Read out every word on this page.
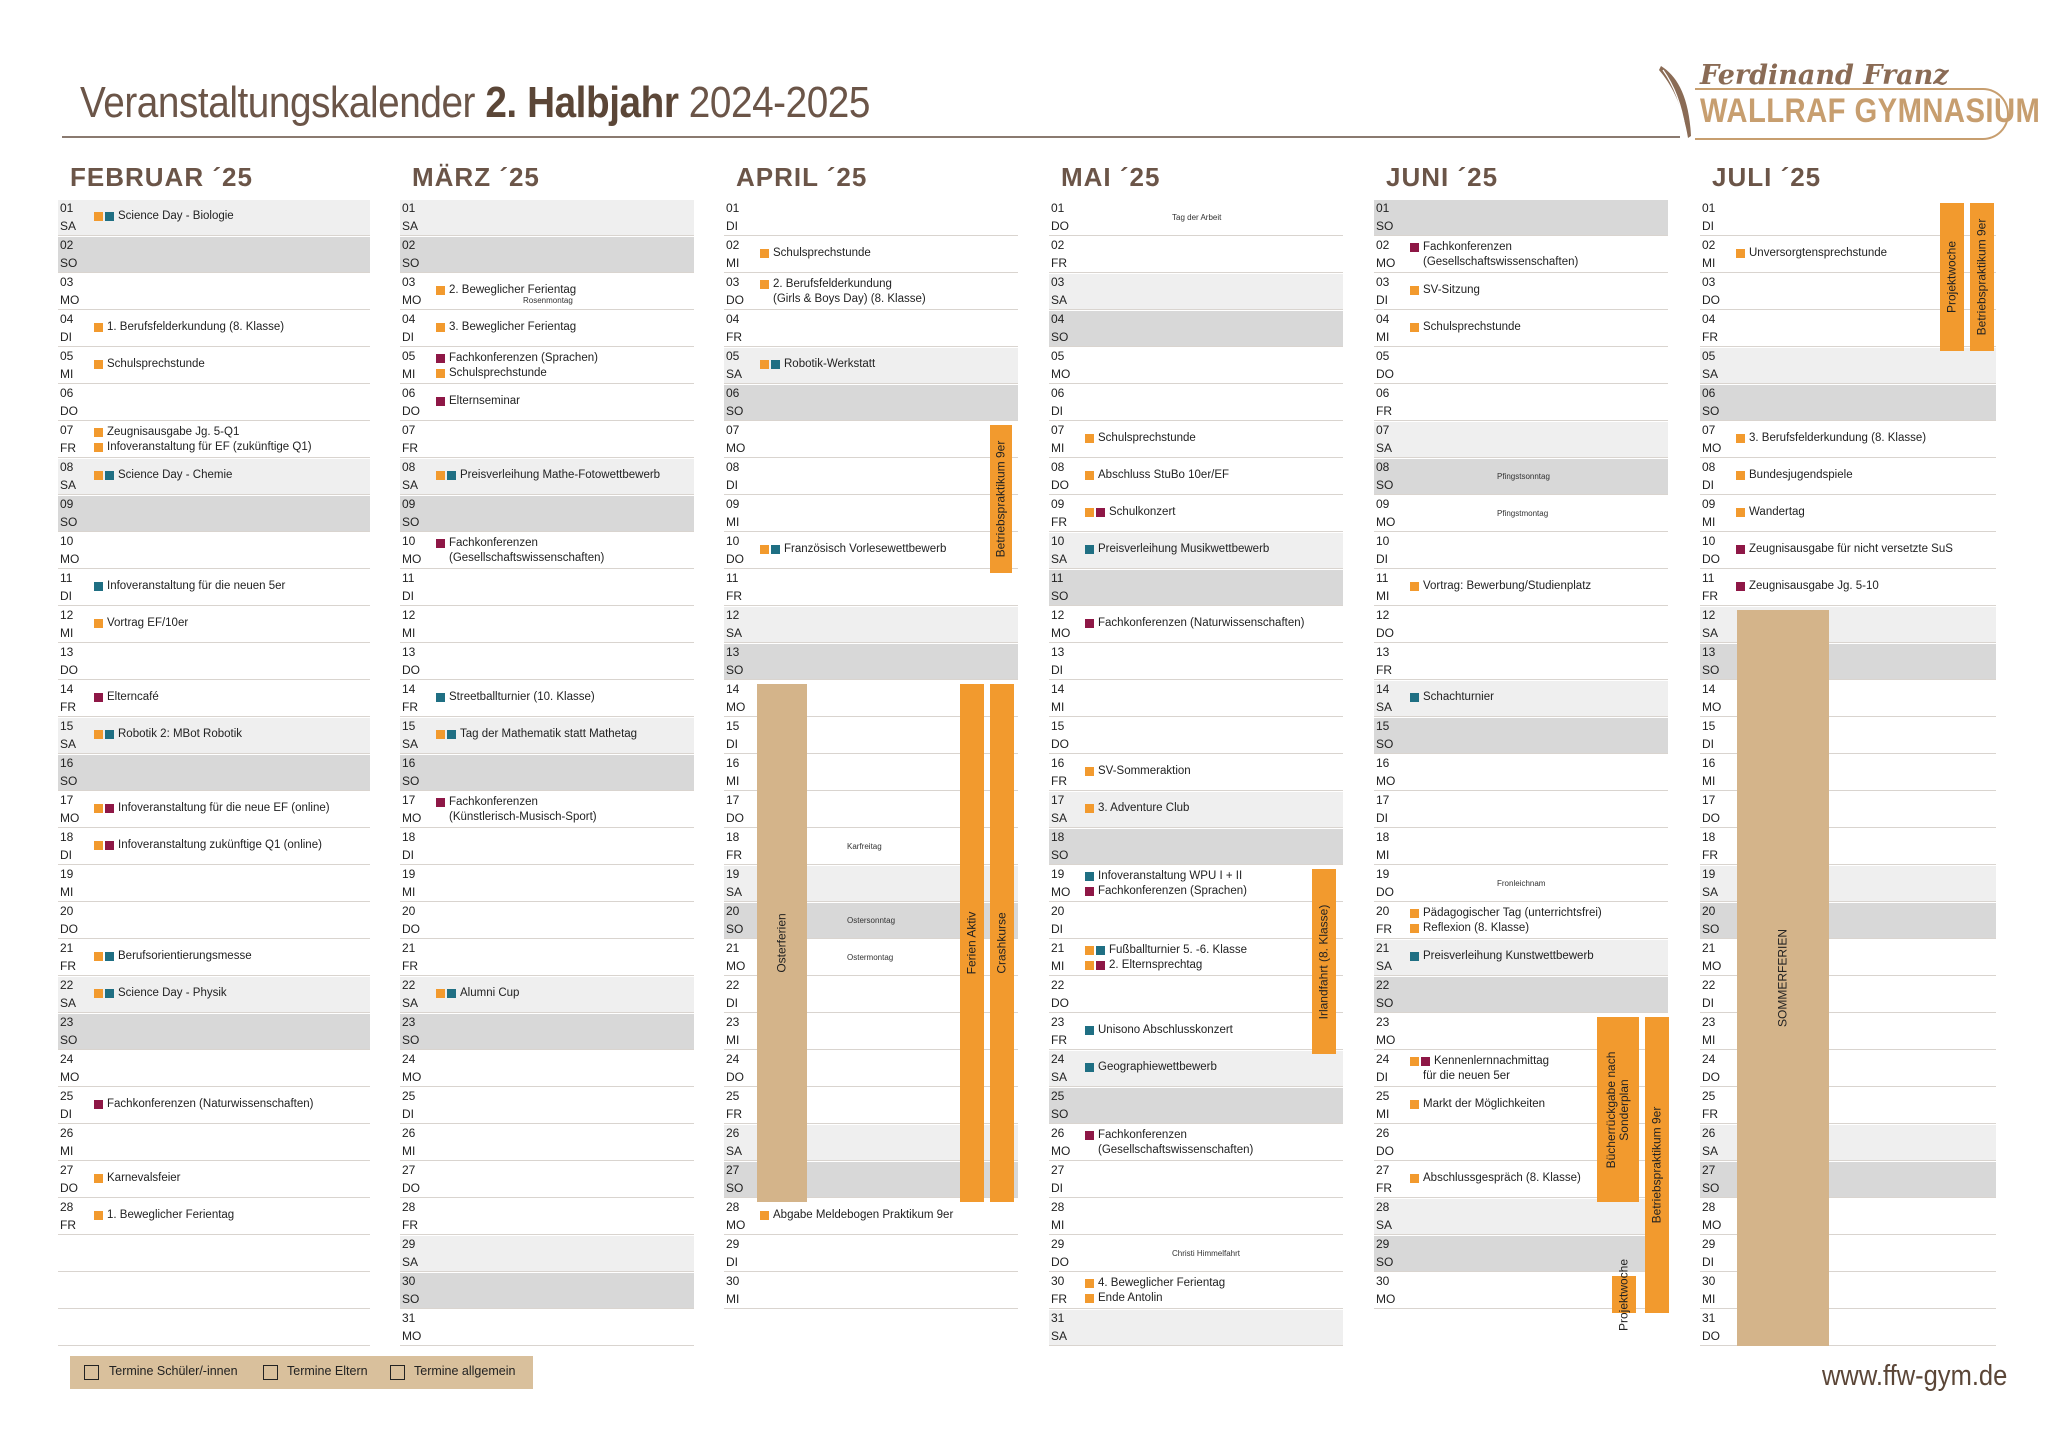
Veranstaltungskalender 2. Halbjahr 2024-2025
Ferdinand Franz
WALLRAF GYMNASIUM
FEBRUAR ´25
01
SA
Science Day - Biologie
02
SO
03
MO
04
DI
1. Berufsfelderkundung (8. Klasse)
05
MI
Schulsprechstunde
06
DO
07
FR
Zeugnisausgabe Jg. 5-Q1
Infoveranstaltung für EF (zukünftige Q1)
08
SA
Science Day - Chemie
09
SO
10
MO
11
DI
Infoveranstaltung für die neuen 5er
12
MI
Vortrag EF/10er
13
DO
14
FR
Elterncafé
15
SA
Robotik 2: MBot Robotik
16
SO
17
MO
Infoveranstaltung für die neue EF (online)
18
DI
Infoveranstaltung zukünftige Q1 (online)
19
MI
20
DO
21
FR
Berufsorientierungsmesse
22
SA
Science Day - Physik
23
SO
24
MO
25
DI
Fachkonferenzen (Naturwissenschaften)
26
MI
27
DO
Karnevalsfeier
28
FR
1. Beweglicher Ferientag
MÄRZ ´25
01
SA
02
SO
03
MO	Rosenmontag
2. Beweglicher Ferientag
04
DI
3. Beweglicher Ferientag
05
MI
Fachkonferenzen (Sprachen)
Schulsprechstunde
06
DO
Elternseminar
07
FR
08
SA
Preisverleihung Mathe-Fotowettbewerb
09
SO
10
MO
Fachkonferenzen
(Gesellschaftswissenschaften)
11
DI
12
MI
13
DO
14
FR
Streetballturnier (10. Klasse)
15
SA
Tag der Mathematik statt Mathetag
16
SO
17
MO
Fachkonferenzen
(Künstlerisch-Musisch-Sport)
18
DI
19
MI
20
DO
21
FR
22
SA
Alumni Cup
23
SO
24
MO
25
DI
26
MI
27
DO
28
FR
29
SA
30
SO
31
MO
APRIL ´25
01
DI
02
MI
Schulsprechstunde
03
DO
2. Berufsfelderkundung
(Girls & Boys Day) (8. Klasse)
04
FR
05
SA
Robotik-Werkstatt
06
SO
07
MO
08
DI
09
MI
10
DO
Französisch Vorlesewettbewerb
11
FR
12
SA
13
SO
14
MO
15
DI
16
MI
17
DO
18
FR
Karfreitag
19
SA
20
SO
Ostersonntag
21
MO
Ostermontag
22
DI
23
MI
24
DO
25
FR
26
SA
27
SO
28
MO
Abgabe Meldebogen Praktikum 9er
29
DI
30
MI
MAI ´25
01
DO
Tag der Arbeit
02
FR
03
SA
04
SO
05
MO
06
DI
07
MI
Schulsprechstunde
08
DO
Abschluss StuBo 10er/EF
09
FR
Schulkonzert
10
SA
Preisverleihung Musikwettbewerb
11
SO
12
MO
Fachkonferenzen (Naturwissenschaften)
13
DI
14
MI
15
DO
16
FR
SV-Sommeraktion
17
SA
3. Adventure Club
18
SO
19
MO
Infoveranstaltung WPU I + II
Fachkonferenzen (Sprachen)
20
DI
21
MI
Fußballturnier 5. -6. Klasse
2. Elternsprechtag
22
DO
23
FR
Unisono Abschlusskonzert
24
SA
Geographiewettbewerb
25
SO
26
MO
Fachkonferenzen
(Gesellschaftswissenschaften)
27
DI
28
MI
29
DO
Christi Himmelfahrt
30
FR
4. Beweglicher Ferientag
Ende Antolin
31
SA
JUNI ´25
01
SO
02
MO
Fachkonferenzen
(Gesellschaftswissenschaften)
03
DI
SV-Sitzung
04
MI
Schulsprechstunde
05
DO
06
FR
07
SA
08
SO
Pfingstsonntag
09
MO
Pfingstmontag
10
DI
11
MI
Vortrag: Bewerbung/Studienplatz
12
DO
13
FR
14
SA
Schachturnier
15
SO
16
MO
17
DI
18
MI
19
DO
Fronleichnam
20
FR
Pädagogischer Tag (unterrichtsfrei)
Reflexion (8. Klasse)
21
SA
Preisverleihung Kunstwettbewerb
22
SO
23
MO
24
DI
Kennenlernnachmittag
für die neuen 5er
25
MI
Markt der Möglichkeiten
26
DO
27
FR
Abschlussgespräch (8. Klasse)
28
SA
29
SO
30
MO
JULI ´25
01
DI
02
MI
Unversorgtensprechstunde
03
DO
04
FR
05
SA
06
SO
07
MO
3. Berufsfelderkundung (8. Klasse)
08
DI
Bundesjugendspiele
09
MI
Wandertag
10
DO
Zeugnisausgabe für nicht versetzte SuS
11
FR
Zeugnisausgabe Jg. 5-10
12
SA
13
SO
14
MO
15
DI
16
MI
17
DO
18
FR
19
SA
20
SO
21
MO
22
DI
23
MI
24
DO
25
FR
26
SA
27
SO
28
MO
29
DI
30
MI
31
DO
Osterferien
Betriebspraktikum 9er
Ferien Aktiv Crashkurse	Irlandfahrt (8. Klasse)
Bücherrückgabe nach Sonderplan Betriebspraktikum 9er
Projektwoche
Projektwoche Betriebspraktikum 9er
SOMMERFERIEN
Termine Schüler/-innen	Termine Eltern	Termine allgemein	www.ffw-gym.de
